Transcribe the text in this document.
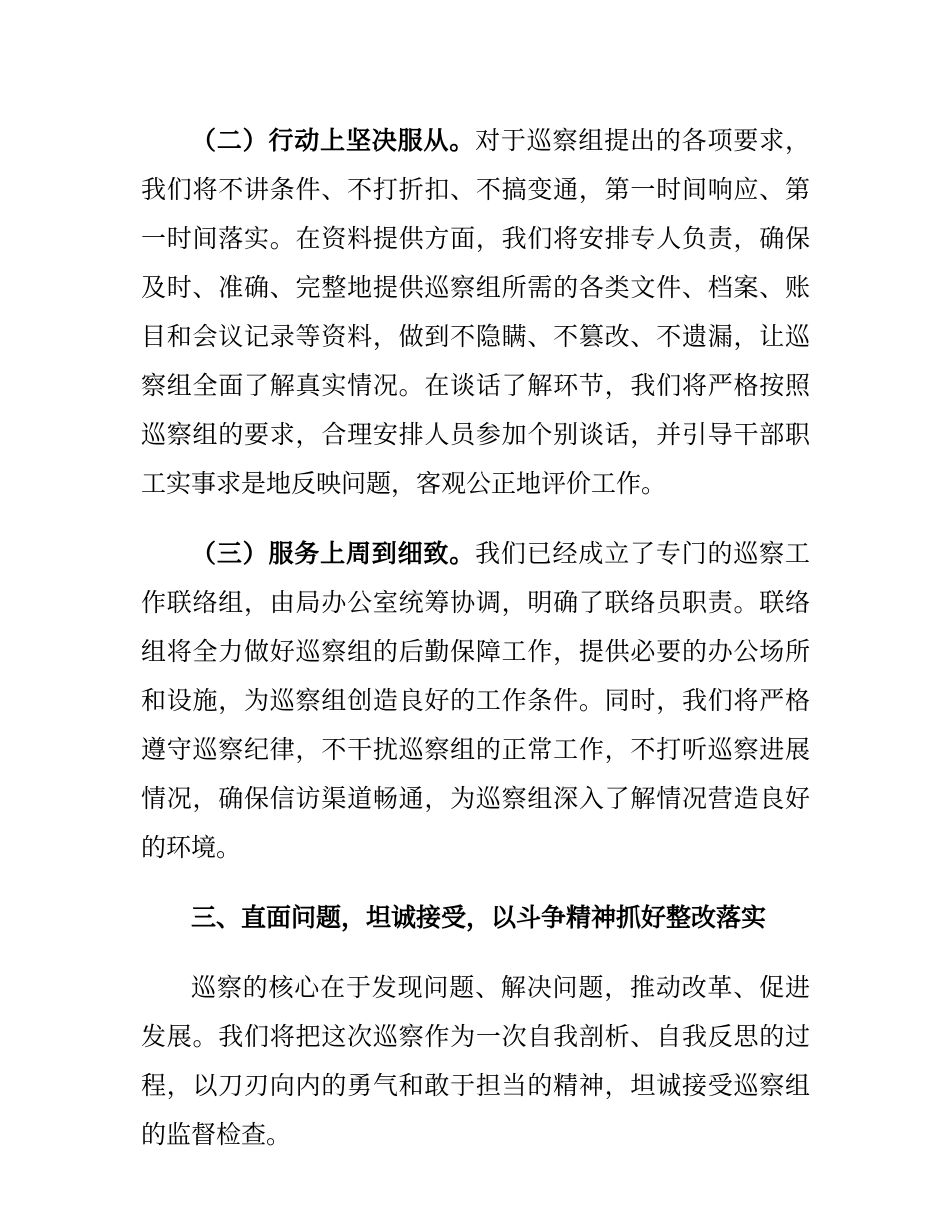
（二）行动上坚决服从。对于巡察组提出的各项要求，我们将不讲条件、不打折扣、不搞变通，第一时间响应、第一时间落实。在资料提供方面，我们将安排专人负责，确保及时、准确、完整地提供巡察组所需的各类文件、档案、账目和会议记录等资料，做到不隐瞒、不篡改、不遗漏，让巡察组全面了解真实情况。在谈话了解环节，我们将严格按照巡察组的要求，合理安排人员参加个别谈话，并引导干部职工实事求是地反映问题，客观公正地评价工作。

（三）服务上周到细致。我们已经成立了专门的巡察工作联络组，由局办公室统筹协调，明确了联络员职责。联络组将全力做好巡察组的后勤保障工作，提供必要的办公场所和设施，为巡察组创造良好的工作条件。同时，我们将严格遵守巡察纪律，不干扰巡察组的正常工作，不打听巡察进展情况，确保信访渠道畅通，为巡察组深入了解情况营造良好的环境。

三、直面问题，坦诚接受，以斗争精神抓好整改落实

巡察的核心在于发现问题、解决问题，推动改革、促进发展。我们将把这次巡察作为一次自我剖析、自我反思的过程，以刀刃向内的勇气和敢于担当的精神，坦诚接受巡察组的监督检查。
